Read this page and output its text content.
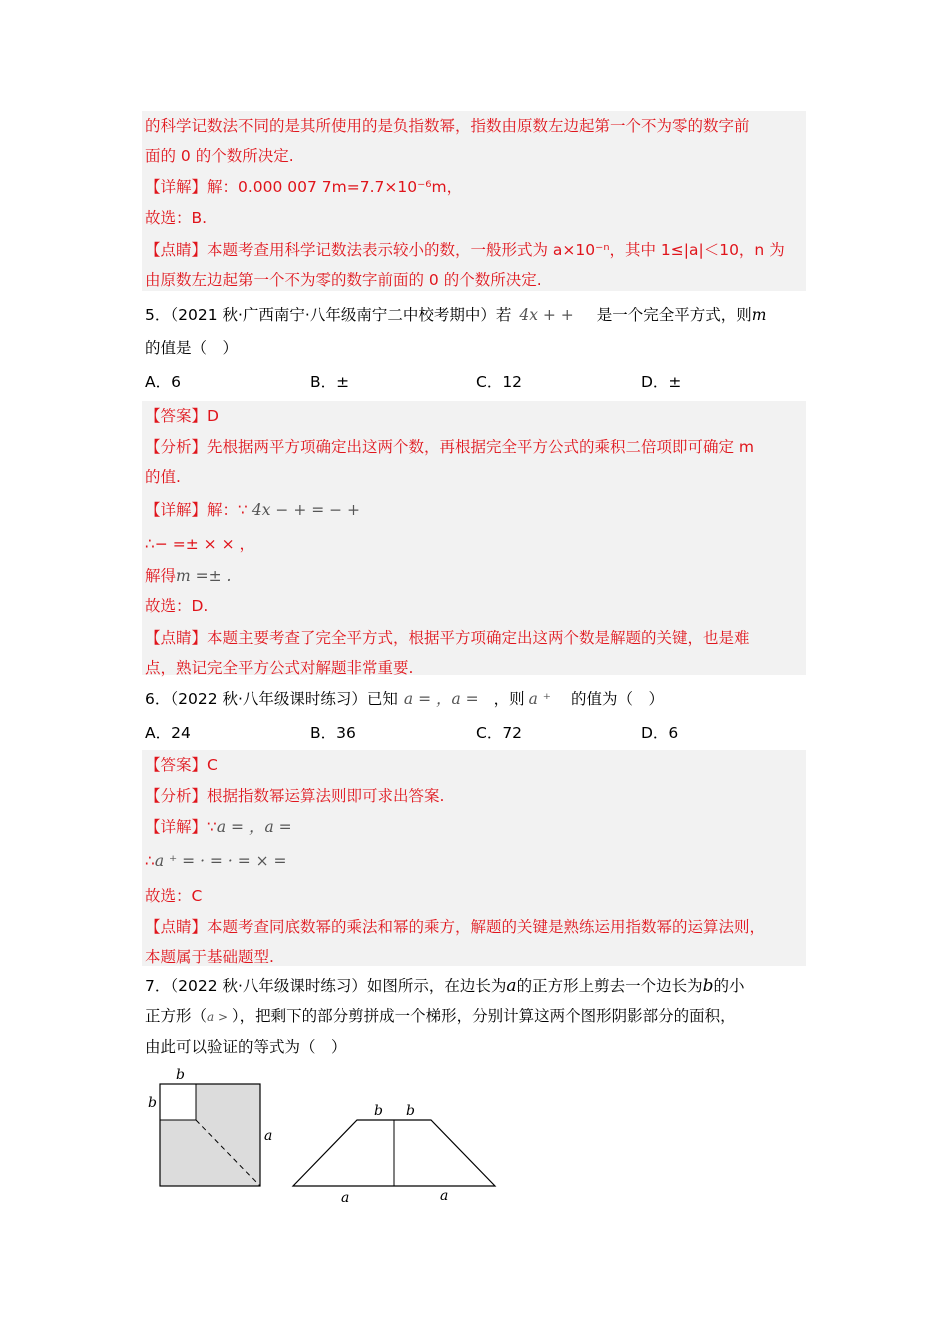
的科学记数法不同的是其所使用的是负指数幂，指数由原数左边起第一个不为零的数字前
面的 0 的个数所决定.
【详解】解：0.000 007 7m=7.7×10⁻⁶m，
故选：B.
【点睛】本题考查用科学记数法表示较小的数，一般形式为 a×10⁻ⁿ，其中 1≤|a|＜10，n 为
由原数左边起第一个不为零的数字前面的 0 的个数所决定.
5．（2021 秋·广西南宁·八年级南宁二中校考期中）若 4x + + 是一个完全平方式，则m
的值是（　）
A．6	B．±	C．12	D．±
【答案】D
【分析】先根据两平方项确定出这两个数，再根据完全平方公式的乘积二倍项即可确定 m
的值.
【详解】解：∵ 4x − + = − +
∴− =± × × ，
解得m =± .
故选：D.
【点睛】本题主要考查了完全平方式，根据平方项确定出这两个数是解题的关键，也是难
点，熟记完全平方公式对解题非常重要.
6．（2022 秋·八年级课时练习）已知 a = ，a = ，则 a ⁺ 的值为（　）
A．24	B．36	C．72	D．6
【答案】C
【分析】根据指数幂运算法则即可求出答案.
【详解】∵a = ，a =
∴a ⁺ = · = · = × =
故选：C
【点睛】本题考查同底数幂的乘法和幂的乘方，解题的关键是熟练运用指数幂的运算法则，
本题属于基础题型.
7．（2022 秋·八年级课时练习）如图所示，在边长为a的正方形上剪去一个边长为b的小
正方形（a > ），把剩下的部分剪拼成一个梯形，分别计算这两个图形阴影部分的面积，
由此可以验证的等式为（　）
b
b
a
b b
a	a
